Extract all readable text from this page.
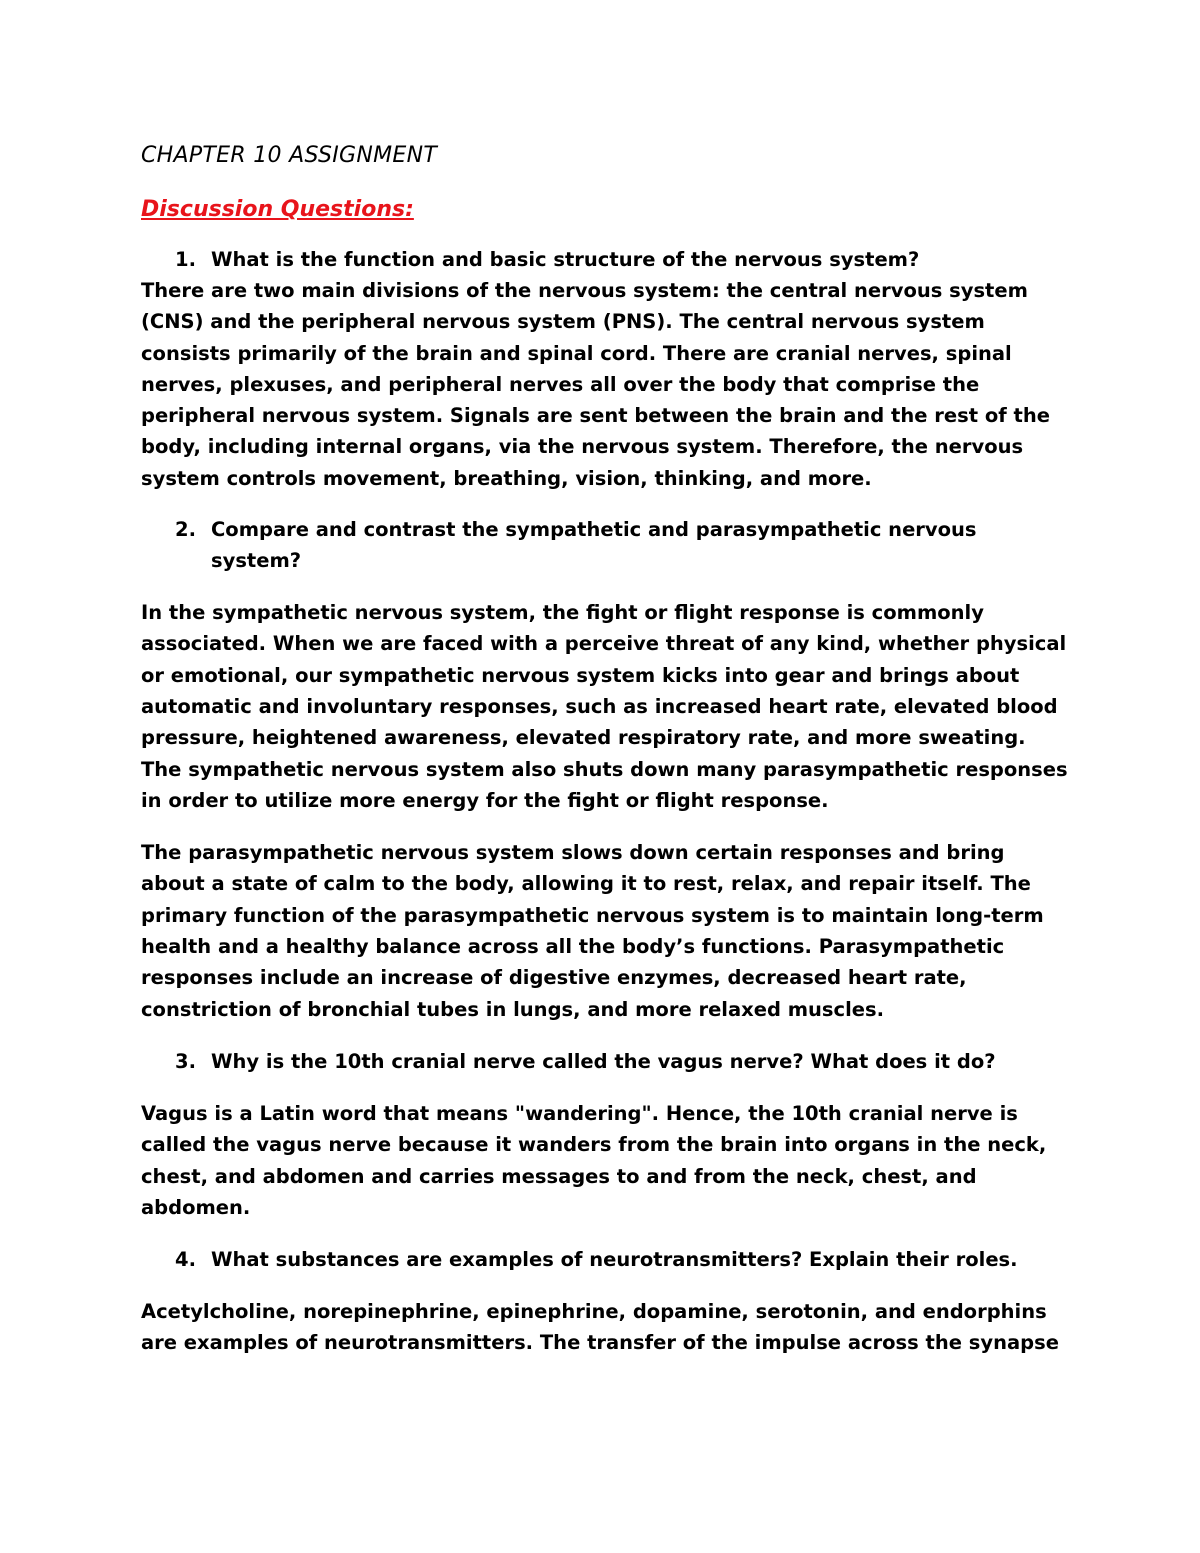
CHAPTER 10 ASSIGNMENT
Discussion Questions:
1. What is the function and basic structure of the nervous system?

There are two main divisions of the nervous system: the central nervous system (CNS) and the peripheral nervous system (PNS). The central nervous system consists primarily of the brain and spinal cord. There are cranial nerves, spinal nerves, plexuses, and peripheral nerves all over the body that comprise the peripheral nervous system. Signals are sent between the brain and the rest of the body, including internal organs, via the nervous system. Therefore, the nervous system controls movement, breathing, vision, thinking, and more.

2. Compare and contrast the sympathetic and parasympathetic nervous system?

In the sympathetic nervous system, the fight or flight response is commonly associated. When we are faced with a perceive threat of any kind, whether physical or emotional, our sympathetic nervous system kicks into gear and brings about automatic and involuntary responses, such as increased heart rate, elevated blood pressure, heightened awareness, elevated respiratory rate, and more sweating. The sympathetic nervous system also shuts down many parasympathetic responses in order to utilize more energy for the fight or flight response.

The parasympathetic nervous system slows down certain responses and bring about a state of calm to the body, allowing it to rest, relax, and repair itself. The primary function of the parasympathetic nervous system is to maintain long-term health and a healthy balance across all the body’s functions. Parasympathetic responses include an increase of digestive enzymes, decreased heart rate, constriction of bronchial tubes in lungs, and more relaxed muscles.

3. Why is the 10th cranial nerve called the vagus nerve? What does it do?

Vagus is a Latin word that means "wandering". Hence, the 10th cranial nerve is called the vagus nerve because it wanders from the brain into organs in the neck, chest, and abdomen and carries messages to and from the neck, chest, and abdomen.

4. What substances are examples of neurotransmitters? Explain their roles.

Acetylcholine, norepinephrine, epinephrine, dopamine, serotonin, and endorphins are examples of neurotransmitters. The transfer of the impulse across the synapse
